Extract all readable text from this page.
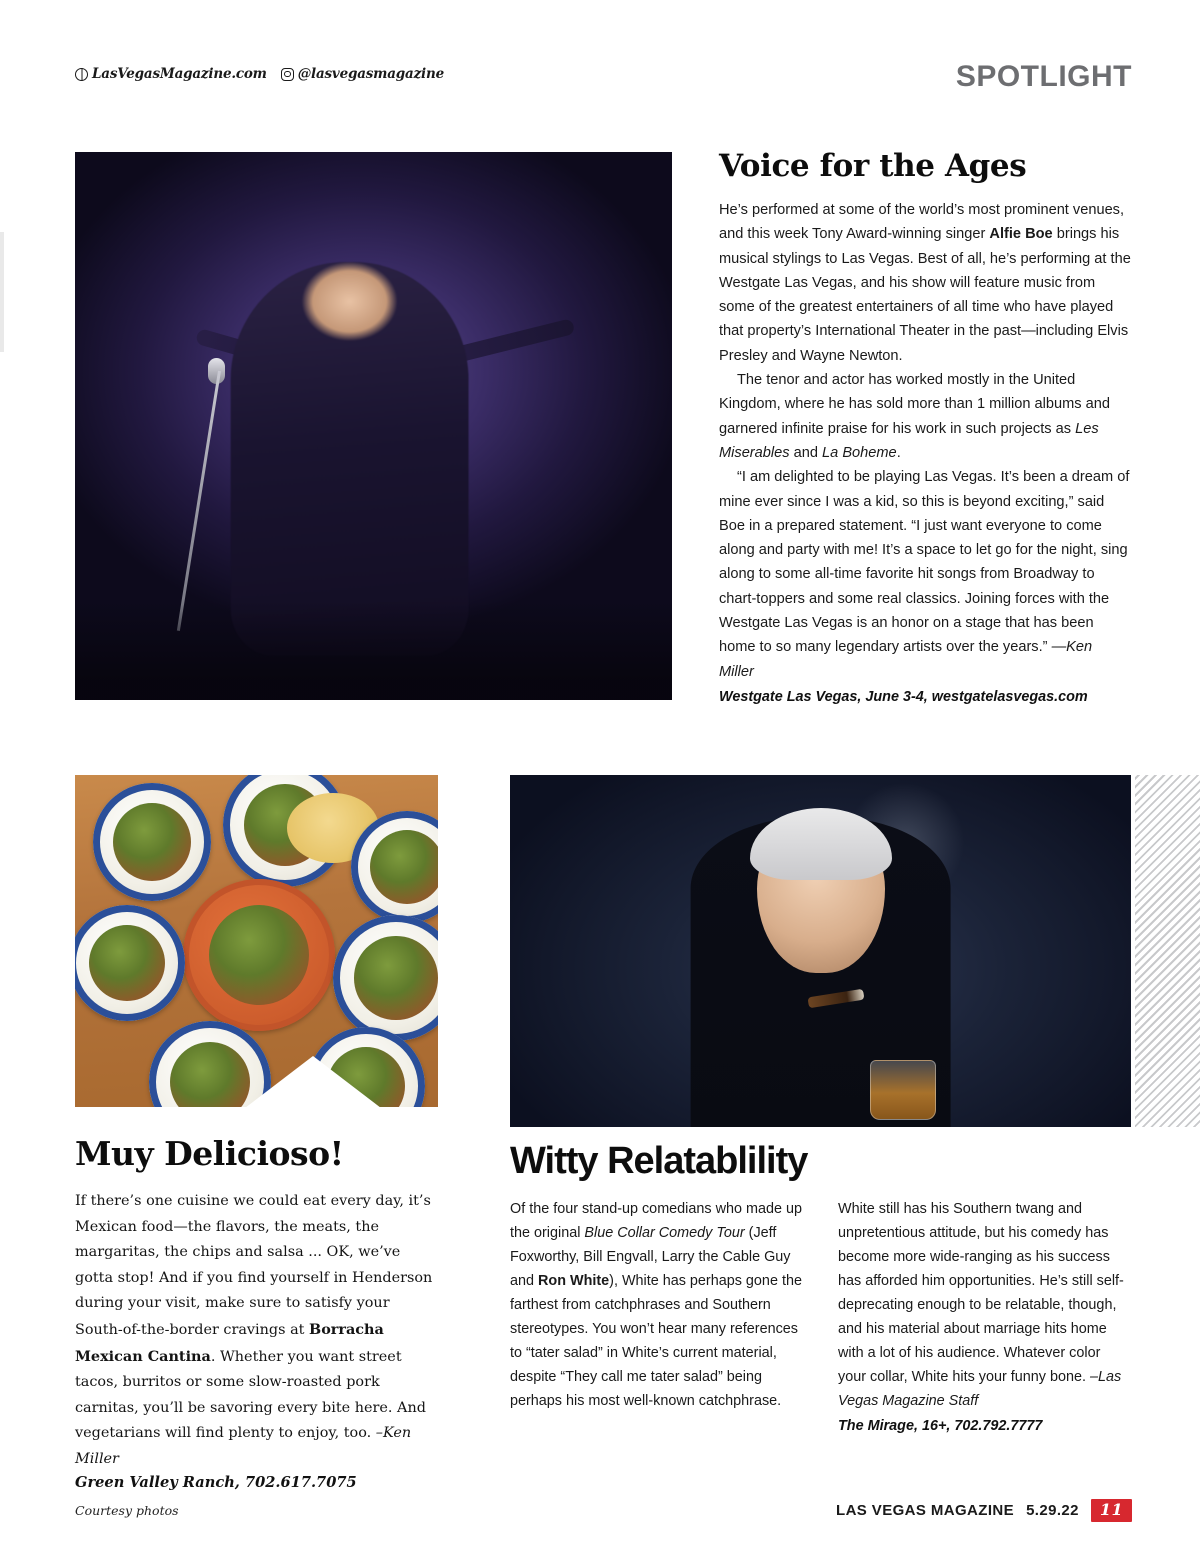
LasVegasMagazine.com @lasvegasmagazine	SPOTLIGHT
Voice for the Ages

He’s performed at some of the world’s most prominent venues, and this week Tony Award-winning singer Alfie Boe brings his musical stylings to Las Vegas. Best of all, he’s performing at the Westgate Las Vegas, and his show will feature music from some of the greatest entertainers of all time who have played that property’s International Theater in the past—including Elvis Presley and Wayne Newton.

The tenor and actor has worked mostly in the United Kingdom, where he has sold more than 1 million albums and garnered infinite praise for his work in such projects as Les Miserables and La Boheme.

“I am delighted to be playing Las Vegas. It’s been a dream of mine ever since I was a kid, so this is beyond exciting,” said Boe in a prepared statement. “I just want everyone to come along and party with me! It’s a space to let go for the night, sing along to some all-time favorite hit songs from Broadway to chart-toppers and some real classics. Joining forces with the Westgate Las Vegas is an honor on a stage that has been home to so many legendary artists over the years.” —Ken Miller

Westgate Las Vegas, June 3-4, westgatelasvegas.com
Muy Delicioso!

If there’s one cuisine we could eat every day, it’s Mexican food—the flavors, the meats, the margaritas, the chips and salsa ... OK, we’ve gotta stop! And if you find yourself in Henderson during your visit, make sure to satisfy your South-of-the-border cravings at Borracha Mexican Cantina. Whether you want street tacos, burritos or some slow-roasted pork carnitas, you’ll be savoring every bite here. And vegetarians will find plenty to enjoy, too. –Ken Miller

Green Valley Ranch, 702.617.7075
Witty Relatablility

Of the four stand-up comedians who made up the original Blue Collar Comedy Tour (Jeff Foxworthy, Bill Engvall, Larry the Cable Guy and Ron White), White has perhaps gone the farthest from catchphrases and Southern stereotypes. You won’t hear many references to “tater salad” in White’s current material, despite “They call me tater salad” being perhaps his most well-known catchphrase.

White still has his Southern twang and unpretentious attitude, but his comedy has become more wide-ranging as his success has afforded him opportunities. He’s still self-deprecating enough to be relatable, though, and his material about marriage hits home with a lot of his audience. Whatever color your collar, White hits your funny bone. –Las Vegas Magazine Staff

The Mirage, 16+, 702.792.7777
Courtesy photos	LAS VEGAS MAGAZINE 5.29.22	11
